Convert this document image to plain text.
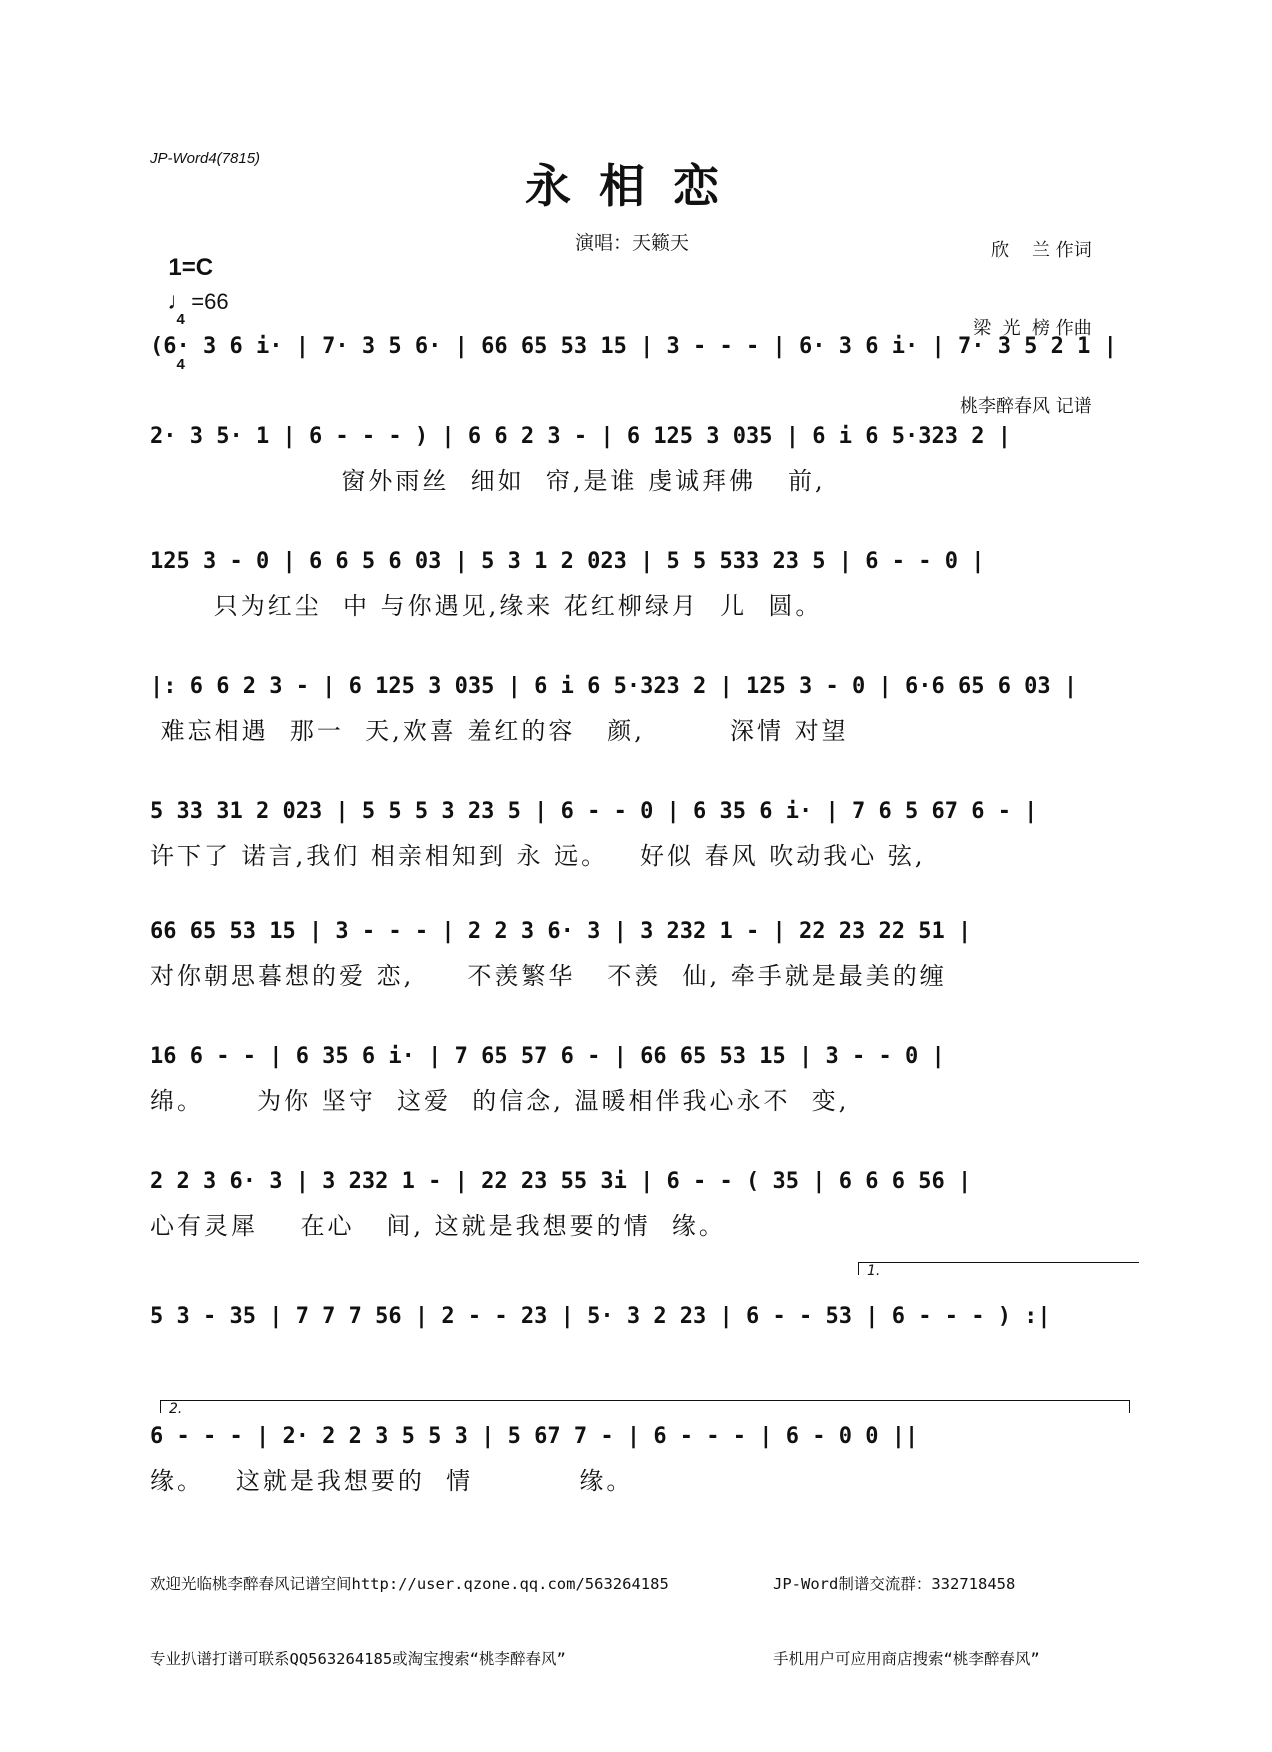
JP-Word4(7815)
永相恋
演唱：天籁天

	欣    兰 作词

梁  光  榜 作曲

桃李醉春风 记谱

1=C

4

4

♩=66

(6· 3 6 i· | 7· 3 5 6· | 66 65 53 15 | 3 - - - | 6· 3 6 i· | 7· 3 5 2 1 |
2· 3 5· 1 | 6 - - - ) | 6 6 2 3 - | 6 125 3 035 | 6 i 6 5·323 2 |
窗外雨丝  细如  帘,是谁 虔诚拜佛   前,
125 3 - 0 | 6 6 5 6 03 | 5 3 1 2 023 | 5 5 533 23 5 | 6 - - 0 |
只为红尘  中 与你遇见,缘来 花红柳绿月  儿  圆。
|: 6 6 2 3 - | 6 125 3 035 | 6 i 6 5·323 2 | 125 3 - 0 | 6·6 65 6 03 |
难忘相遇  那一  天,欢喜 羞红的容   颜,        深情 对望
5 33 31 2 023 | 5 5 5 3 23 5 | 6 - - 0 | 6 35 6 i· | 7 6 5 67 6 - |
许下了 诺言,我们 相亲相知到 永 远。   好似 春风 吹动我心 弦,
66 65 53 15 | 3 - - - | 2 2 3 6· 3 | 3 232 1 - | 22 23 22 51 |
对你朝思暮想的爱 恋,     不羡繁华   不羡  仙, 牵手就是最美的缠
16 6 - - | 6 35 6 i· | 7 65 57 6 - | 66 65 53 15 | 3 - - 0 |
绵。     为你 坚守  这爱  的信念, 温暖相伴我心永不  变,
2 2 3 6· 3 | 3 232 1 - | 22 23 55 3i | 6 - - ( 35 | 6 6 6 56 |
心有灵犀    在心   间, 这就是我想要的情  缘。
5 3 - 35 | 7 7 7 56 | 2 - - 23 | 5· 3 2 23 | 6 - - 53 | 6 - - - ) :|
6 - - - | 2· 2 2 3 5 5 3 | 5 67 7 - | 6 - - - | 6 - 0 0 ||
缘。   这就是我想要的  情          缘。
1.
2.

欢迎光临桃李醉春风记谱空间http://user.qzone.qq.com/563264185

专业扒谱打谱可联系QQ563264185或淘宝搜索“桃李醉春风”

JP-Word制谱交流群：332718458

手机用户可应用商店搜索“桃李醉春风”
